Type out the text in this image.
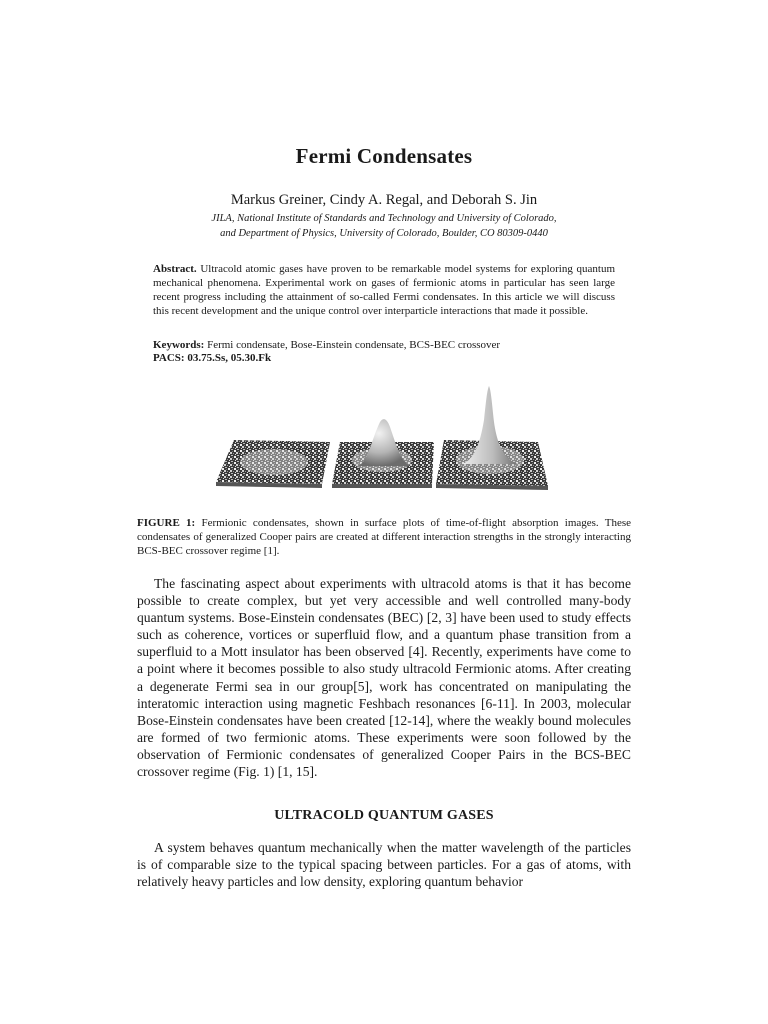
Fermi Condensates
Markus Greiner, Cindy A. Regal, and Deborah S. Jin
JILA, National Institute of Standards and Technology and University of Colorado,
and Department of Physics, University of Colorado, Boulder, CO 80309-0440

Abstract. Ultracold atomic gases have proven to be remarkable model systems for exploring quantum mechanical phenomena. Experimental work on gases of fermionic atoms in particular has seen large recent progress including the attainment of so-called Fermi condensates. In this article we will discuss this recent development and the unique control over interparticle interactions that made it possible.

Keywords: Fermi condensate, Bose-Einstein condensate, BCS-BEC crossover
PACS: 03.75.Ss, 05.30.Fk

FIGURE 1: Fermionic condensates, shown in surface plots of time-of-flight absorption images. These condensates of generalized Cooper pairs are created at different interaction strengths in the strongly interacting BCS-BEC crossover regime [1].

The fascinating aspect about experiments with ultracold atoms is that it has become possible to create complex, but yet very accessible and well controlled many-body quantum systems. Bose-Einstein condensates (BEC) [2, 3] have been used to study effects such as coherence, vortices or superfluid flow, and a quantum phase transition from a superfluid to a Mott insulator has been observed [4]. Recently, experiments have come to a point where it becomes possible to also study ultracold Fermionic atoms. After creating a degenerate Fermi sea in our group[5], work has concentrated on manipulating the interatomic interaction using magnetic Feshbach resonances [6-11]. In 2003, molecular Bose-Einstein condensates have been created [12-14], where the weakly bound molecules are formed of two fermionic atoms. These experiments were soon followed by the observation of Fermionic condensates of generalized Cooper Pairs in the BCS-BEC crossover regime (Fig. 1) [1, 15].

ULTRACOLD QUANTUM GASES

A system behaves quantum mechanically when the matter wavelength of the particles is of comparable size to the typical spacing between particles. For a gas of atoms, with relatively heavy particles and low density, exploring quantum behavior
